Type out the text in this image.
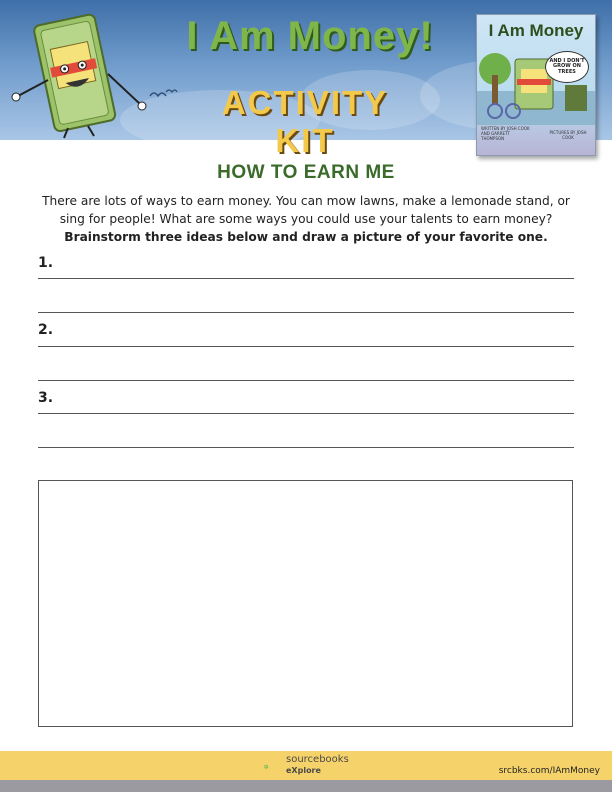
I Am Money!
ACTIVITY KIT
I Am Money
AND I DON'T GROW ON TREES
WRITTEN BY JOSH COOK AND GARRETT THOMPSON
PICTURES BY JOSH COOK
HOW TO EARN ME
There are lots of ways to earn money. You can mow lawns, make a lemonade stand, or sing for people! What are some ways you could use your talents to earn money?
Brainstorm three ideas below and draw a picture of your favorite one.
1.
2.
3.
sourcebooks
eXplore	srcbks.com/IAmMoney
